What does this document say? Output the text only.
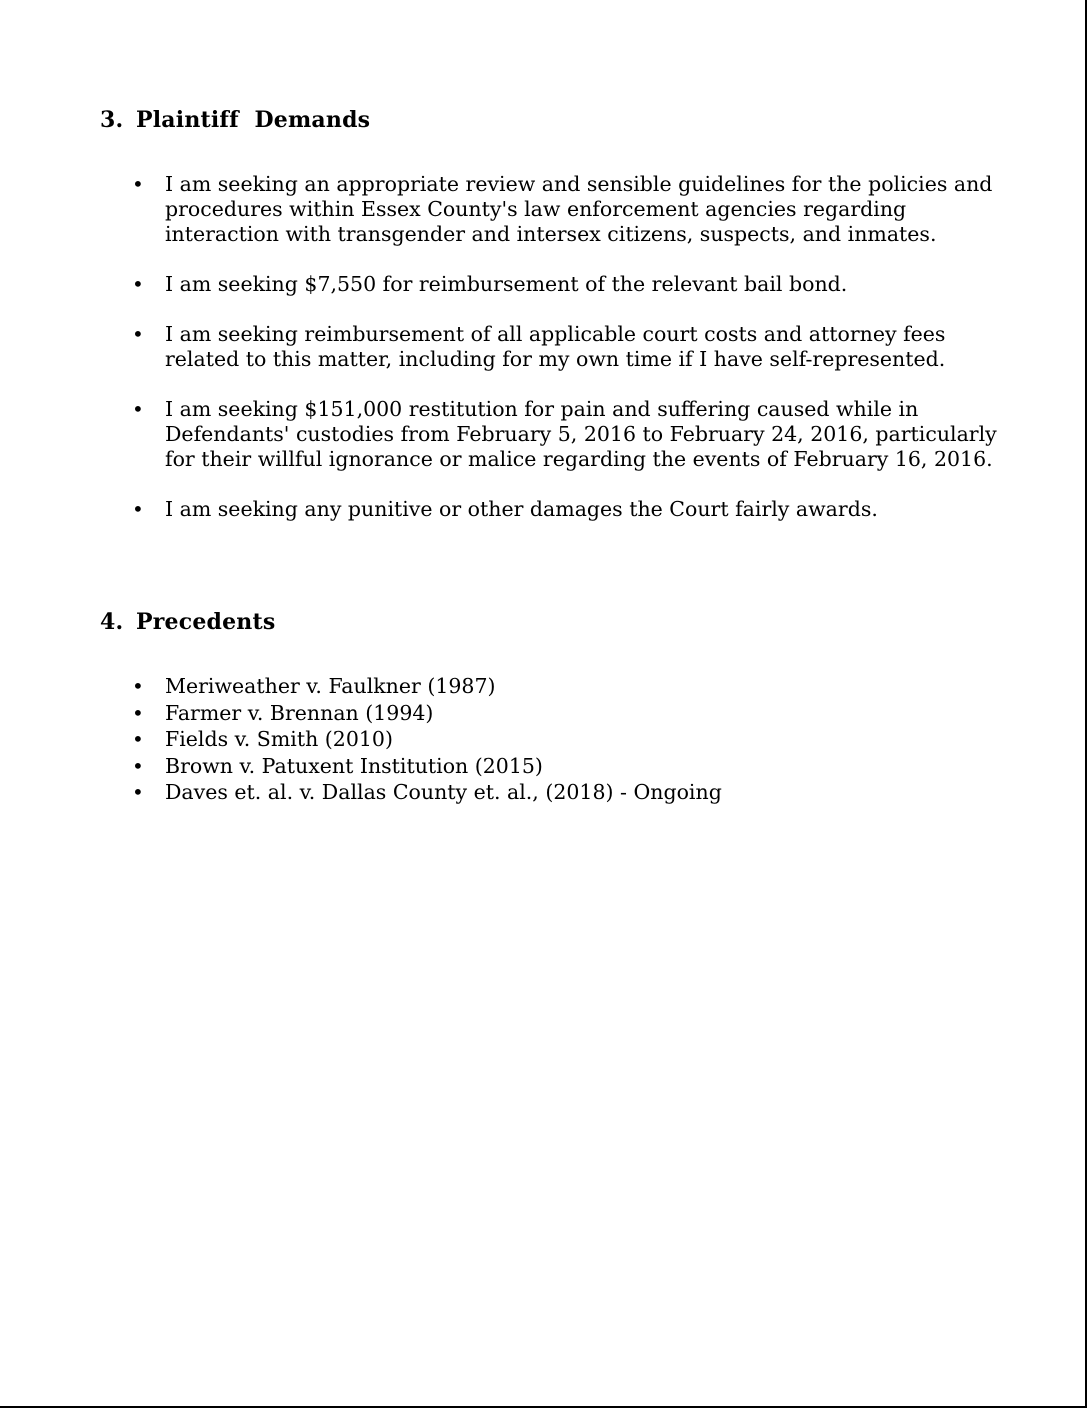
3. Plaintiff  Demands
• I am seeking an appropriate review and sensible guidelines for the policies and procedures within Essex County's law enforcement agencies regarding interaction with transgender and intersex citizens, suspects, and inmates.
• I am seeking $7,550 for reimbursement of the relevant bail bond.
• I am seeking reimbursement of all applicable court costs and attorney fees related to this matter, including for my own time if I have self-represented.
• I am seeking $151,000 restitution for pain and suffering caused while in Defendants' custodies from February 5, 2016 to February 24, 2016, particularly for their willful ignorance or malice regarding the events of February 16, 2016.
• I am seeking any punitive or other damages the Court fairly awards.
4. Precedents
• Meriweather v. Faulkner (1987)
• Farmer v. Brennan (1994)
• Fields v. Smith (2010)
• Brown v. Patuxent Institution (2015)
• Daves et. al. v. Dallas County et. al., (2018) - Ongoing
